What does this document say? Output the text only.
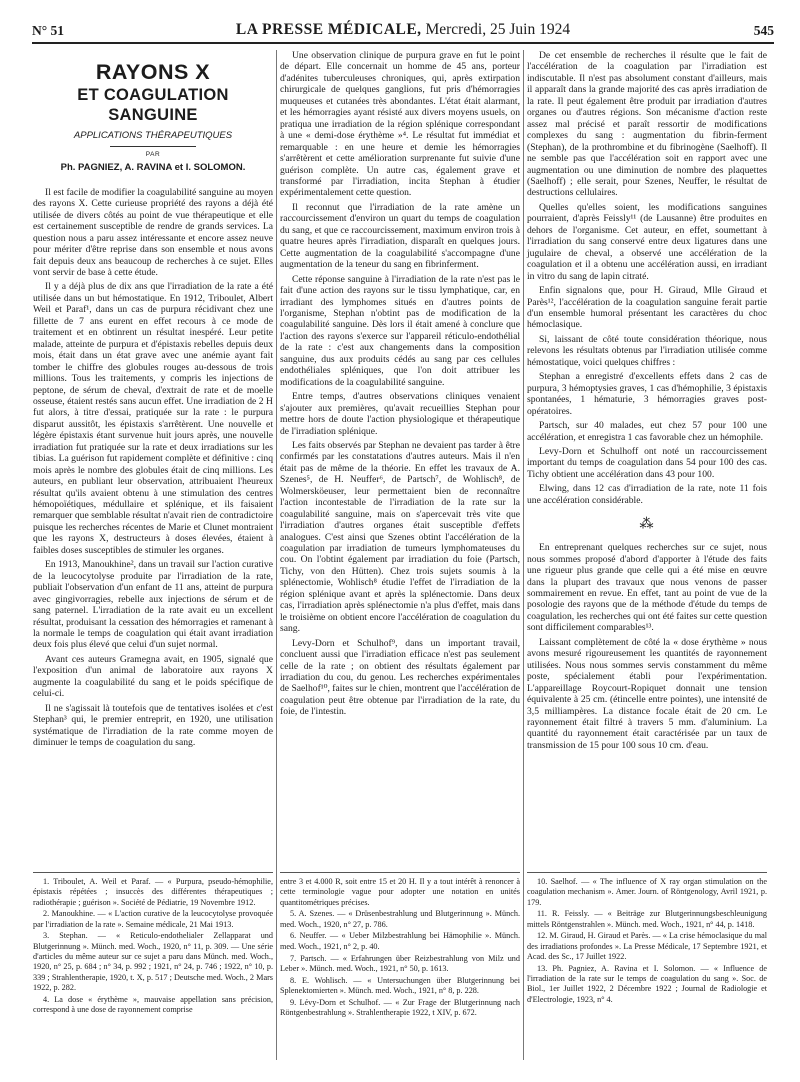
N° 51	LA PRESSE MÉDICALE, Mercredi, 25 Juin 1924	545
RAYONS X
ET COAGULATION SANGUINE
APPLICATIONS THÉRAPEUTIQUES
PAR
Ph. PAGNIEZ, A. RAVINA et I. SOLOMON.

Il est facile de modifier la coagulabilité sanguine au moyen des rayons X. Cette curieuse propriété des rayons a déjà été utilisée de divers côtés au point de vue thérapeutique et elle est certainement susceptible de rendre de grands services. La question nous a paru assez intéressante et encore assez neuve pour mériter d'être reprise dans son ensemble et nous avons fait depuis deux ans beaucoup de recherches à ce sujet. Elles vont servir de base à cette étude.

Il y a déjà plus de dix ans que l'irradiation de la rate a été utilisée dans un but hémostatique. En 1912, Triboulet, Albert Weil et Paraf¹, dans un cas de purpura récidivant chez une fillette de 7 ans eurent en effet recours à ce mode de traitement et en obtinrent un résultat inespéré. Leur petite malade, atteinte de purpura et d'épistaxis rebelles depuis deux mois, était dans un état grave avec une anémie ayant fait tomber le chiffre des globules rouges au-dessous de trois millions. Tous les traitements, y compris les injections de peptone, de sérum de cheval, d'extrait de rate et de moelle osseuse, étaient restés sans aucun effet. Une irradiation de 2 H fut alors, à titre d'essai, pratiquée sur la rate : le purpura disparut aussitôt, les épistaxis s'arrêtèrent. Une nouvelle et légère épistaxis étant survenue huit jours après, une nouvelle irradiation fut pratiquée sur la rate et deux irradiations sur les tibias. La guérison fut rapidement complète et définitive : cinq mois après le nombre des globules était de cinq millions. Les auteurs, en publiant leur observation, attribuaient l'heureux résultat qu'ils avaient obtenu à une stimulation des centres hémopoïétiques, médullaire et splénique, et ils faisaient remarquer que semblable résultat n'avait rien de contradictoire puisque les recherches récentes de Marie et Clunet montraient que les rayons X, destructeurs à doses élevées, étaient à faibles doses susceptibles de stimuler les organes.

En 1913, Manoukhine², dans un travail sur l'action curative de la leucocytolyse produite par l'irradiation de la rate, publiait l'observation d'un enfant de 11 ans, atteint de purpura avec gingivorragies, rebelle aux injections de sérum et de sang paternel. L'irradiation de la rate avait eu un excellent résultat, produisant la cessation des hémorragies et ramenant à la normale le temps de coagulation qui était avant irradiation deux fois plus élevé que celui d'un sujet normal.

Avant ces auteurs Gramegna avait, en 1905, signalé que l'exposition d'un animal de laboratoire aux rayons X augmente la coagulabilité du sang et le poids spécifique de celui-ci.

Il ne s'agissait là toutefois que de tentatives isolées et c'est Stephan³ qui, le premier entreprit, en 1920, une utilisation systématique de l'irradiation de la rate comme moyen de diminuer le temps de coagulation du sang.

Une observation clinique de purpura grave en fut le point de départ. Elle concernait un homme de 45 ans, porteur d'adénites tuberculeuses chroniques, qui, après extirpation chirurgicale de quelques ganglions, fut pris d'hémorragies muqueuses et cutanées très abondantes. L'état était alarmant, et les hémorragies ayant résisté aux divers moyens usuels, on pratiqua une irradiation de la région splénique correspondant à une « demi-dose érythème »⁴. Le résultat fut immédiat et remarquable : en une heure et demie les hémorragies s'arrêtèrent et cette amélioration surprenante fut suivie d'une guérison complète. Un autre cas, également grave et transformé par l'irradiation, incita Stephan à étudier expérimentalement cette question.

Il reconnut que l'irradiation de la rate amène un raccourcissement d'environ un quart du temps de coagulation du sang, et que ce raccourcissement, maximum environ trois à quatre heures après l'irradiation, disparaît en quelques jours. Cette augmentation de la coagulabilité s'accompagne d'une augmentation de la teneur du sang en fibrinferment.

Cette réponse sanguine à l'irradiation de la rate n'est pas le fait d'une action des rayons sur le tissu lymphatique, car, en irradiant des lymphomes situés en d'autres points de l'organisme, Stephan n'obtint pas de modification de la coagulabilité sanguine. Dès lors il était amené à conclure que l'action des rayons s'exerce sur l'appareil réticulo-endothélial de la rate : c'est aux changements dans la composition sanguine, dus aux produits cédés au sang par ces cellules endothéliales spléniques, que l'on doit attribuer les modifications de la coagulabilité sanguine.

Entre temps, d'autres observations cliniques venaient s'ajouter aux premières, qu'avait recueillies Stephan pour mettre hors de doute l'action physiologique et thérapeutique de l'irradiation splénique.

Les faits observés par Stephan ne devaient pas tarder à être confirmés par les constatations d'autres auteurs. Mais il n'en était pas de même de la théorie. En effet les travaux de A. Szenes⁵, de H. Neuffer⁶, de Partsch⁷, de Wohlisch⁸, de Wolmersköeuser, leur permettaient bien de reconnaître l'action incontestable de l'irradiation de la rate sur la coagulabilité sanguine, mais on s'apercevait très vite que l'irradiation d'autres organes était susceptible d'effets analogues. C'est ainsi que Szenes obtint l'accélération de la coagulation par irradiation de tumeurs lymphomateuses du cou. On l'obtint également par irradiation du foie (Partsch, Tichy, von den Hütten). Chez trois sujets soumis à la splénectomie, Wohlisch⁸ étudie l'effet de l'irradiation de la région splénique avant et après la splénectomie. Dans deux cas, l'irradiation après splénectomie n'a plus d'effet, mais dans le troisième on obtient encore l'accélération de coagulation du sang.

Levy-Dorn et Schulhof⁹, dans un important travail, concluent aussi que l'irradiation efficace n'est pas seulement celle de la rate ; on obtient des résultats également par irradiation du cou, du genou. Les recherches expérimentales de Saelhof¹⁰, faites sur le chien, montrent que l'accélération de coagulation peut être obtenue par l'irradiation de la rate, du foie, de l'intestin.

De cet ensemble de recherches il résulte que le fait de l'accélération de la coagulation par l'irradiation est indiscutable. Il n'est pas absolument constant d'ailleurs, mais il apparaît dans la grande majorité des cas après irradiation de la rate. Il peut également être produit par irradiation d'autres organes ou d'autres régions. Son mécanisme d'action reste assez mal précisé et paraît ressortir de modifications complexes du sang : augmentation du fibrin-ferment (Stephan), de la prothrombine et du fibrinogène (Saelhoff). Il ne semble pas que l'accélération soit en rapport avec une augmentation ou une diminution de nombre des plaquettes (Saelhoff) ; elle serait, pour Szenes, Neuffer, le résultat de destructions cellulaires.

Quelles qu'elles soient, les modifications sanguines pourraient, d'après Feissly¹¹ (de Lausanne) être produites en dehors de l'organisme. Cet auteur, en effet, soumettant à l'irradiation du sang conservé entre deux ligatures dans une jugulaire de cheval, a observé une accélération de la coagulation et il a obtenu une accélération aussi, en irradiant in vitro du sang de lapin citraté.

Enfin signalons que, pour H. Giraud, Mlle Giraud et Parès¹², l'accélération de la coagulation sanguine ferait partie d'un ensemble humoral présentant les caractères du choc hémoclasique.

Si, laissant de côté toute considération théorique, nous relevons les résultats obtenus par l'irradiation utilisée comme hémostatique, voici quelques chiffres :

Stephan a enregistré d'excellents effets dans 2 cas de purpura, 3 hémoptysies graves, 1 cas d'hémophilie, 3 épistaxis spontanées, 1 hématurie, 3 hémorragies graves post-opératoires.

Partsch, sur 40 malades, eut chez 57 pour 100 une accélération, et enregistra 1 cas favorable chez un hémophile.

Levy-Dorn et Schulhoff ont noté un raccourcissement important du temps de coagulation dans 54 pour 100 des cas. Tichy obtient une accélération dans 43 pour 100.

Elwing, dans 12 cas d'irradiation de la rate, note 11 fois une accélération considérable.

⁂

En entreprenant quelques recherches sur ce sujet, nous nous sommes proposé d'abord d'apporter à l'étude des faits une rigueur plus grande que celle qui a été mise en œuvre dans la plupart des travaux que nous venons de passer sommairement en revue. En effet, tant au point de vue de la posologie des rayons que de la méthode d'étude du temps de coagulation, les recherches qui ont été faites sur cette question sont difficilement comparables¹³.

Laissant complètement de côté la « dose érythème » nous avons mesuré rigoureusement les quantités de rayonnement utilisées. Nous nous sommes servis constamment du même poste, spécialement établi pour l'expérimentation. L'appareillage Roycourt-Ropiquet donnait une tension équivalente à 25 cm. (étincelle entre pointes), une intensité de 3,5 milliampères. La distance focale était de 20 cm. Le rayonnement était filtré à travers 5 mm. d'aluminium. La quantité du rayonnement était caractérisée par un taux de transmission de 15 pour 100 sous 10 cm. d'eau.

1. Triboulet, A. Weil et Paraf. — « Purpura, pseudo-hémophilie, épistaxis répétées ; insuccès des différentes thérapeutiques ; radiothérapie ; guérison ». Société de Pédiatrie, 19 Novembre 1912.
2. Manoukhine. — « L'action curative de la leucocytolyse provoquée par l'irradiation de la rate ». Semaine médicale, 21 Mai 1913.
3. Stephan. — « Reticulo-endothelialer Zellapparat und Blutgerinnung ». Münch. med. Woch., 1920, n° 11, p. 309. — Une série d'articles du même auteur sur ce sujet a paru dans Münch. med. Woch., 1920, n° 25, p. 684 ; n° 34, p. 992 ; 1921, n° 24, p. 746 ; 1922, n° 10, p. 339 ; Strahlentherapie, 1920, t. X, p. 517 ; Deutsche med. Woch., 2 Mars 1922, p. 282.
4. La dose « érythème », mauvaise appellation sans précision, correspond à une dose de rayonnement comprise
entre 3 et 4.000 R, soit entre 15 et 20 H. Il y a tout intérêt à renoncer à cette terminologie vague pour adopter une notation en unités quantitométriques précises.
5. A. Szenes. — « Drüsenbestrahlung und Blutgerinnung ». Münch. med. Woch., 1920, n° 27, p. 786.
6. Neuffer. — « Ueber Milzbestrahlung bei Hämophilie ». Münch. med. Woch., 1921, n° 2, p. 40.
7. Partsch. — « Erfahrungen über Reizbestrahlung von Milz und Leber ». Münch. med. Woch., 1921, n° 50, p. 1613.
8. E. Wohlisch. — « Untersuchungen über Blutgerinnung bei Splenektomierten ». Münch. med. Woch., 1921, n° 8, p. 228.
9. Lévy-Dorn et Schulhof. — « Zur Frage der Blutgerinnung nach Röntgenbestrahlung ». Strahlentherapie 1922, t XIV, p. 672.
10. Saelhof. — « The influence of X ray organ stimulation on the coagulation mechanism ». Amer. Journ. of Röntgenology, Avril 1921, p. 179.
11. R. Feissly. — « Beiträge zur Blutgerinnungsbeschleunigung mittels Röntgenstrahlen ». Münch. med. Woch., 1921, n° 44, p. 1418.
12. M. Giraud, H. Giraud et Parès. — « La crise hémoclasique du mal des irradiations profondes ». La Presse Médicale, 17 Septembre 1921, et Acad. des Sc., 17 Juillet 1922.
13. Ph. Pagniez, A. Ravina et I. Solomon. — « Influence de l'irradiation de la rate sur le temps de coagulation du sang ». Soc. de Biol., 1er Juillet 1922, 2 Décembre 1922 ; Journal de Radiologie et d'Electrologie, 1923, n° 4.
